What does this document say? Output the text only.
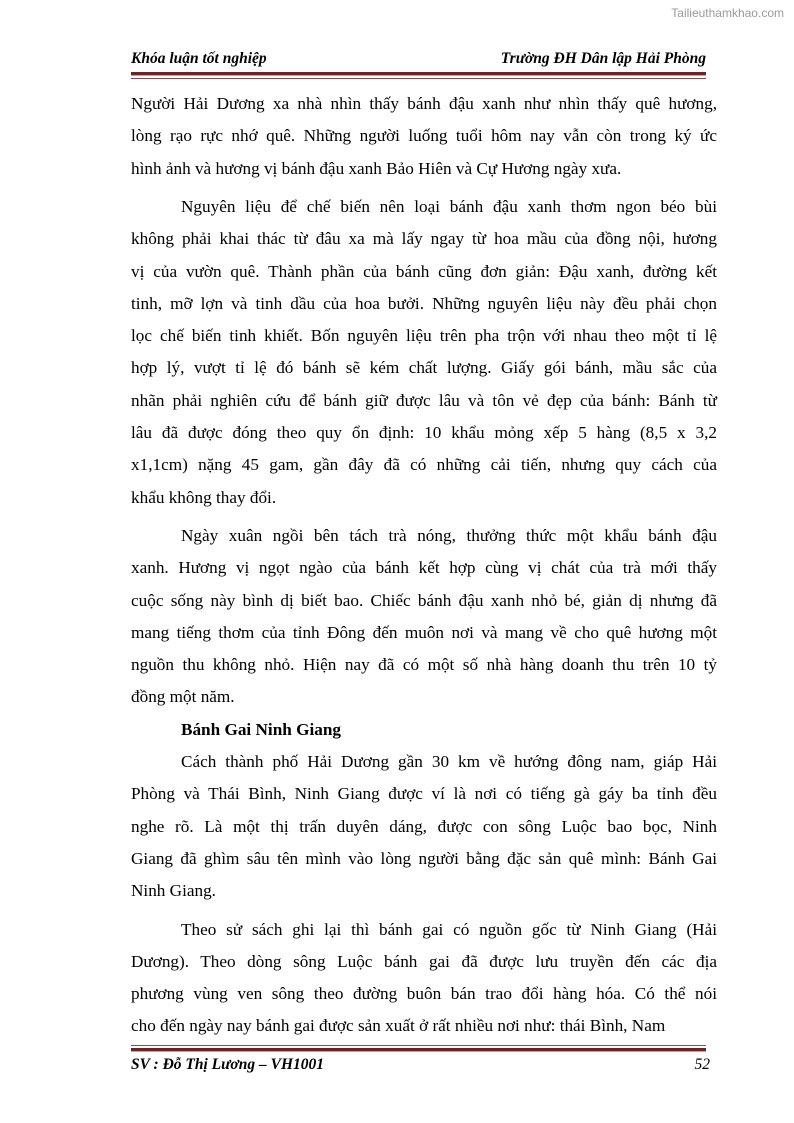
Tailieuthamkhao.com
Khóa luận tốt nghiệp	Trường ĐH Dân lập Hải Phòng
Người Hải Dương xa nhà nhìn thấy bánh đậu xanh như nhìn thấy quê hương,
lòng rạo rực nhớ quê. Những người luống tuổi hôm nay vẫn còn trong ký ức
hình ảnh và hương vị bánh đậu xanh Bảo Hiên và Cự Hương ngày xưa.
Nguyên liệu để chế biến nên loại bánh đậu xanh thơm ngon béo bùi
không phải khai thác từ đâu xa mà lấy ngay từ hoa mầu của đồng nội, hương
vị của vườn quê. Thành phần của bánh cũng đơn giản: Đậu xanh, đường kết
tinh, mỡ lợn và tinh dầu của hoa bưởi. Những nguyên liệu này đều phải chọn
lọc chế biến tinh khiết. Bốn nguyên liệu trên pha trộn với nhau theo một tỉ lệ
hợp lý, vượt tỉ lệ đó bánh sẽ kém chất lượng. Giấy gói bánh, mầu sắc của
nhãn phải nghiên cứu để bánh giữ được lâu và tôn vẻ đẹp của bánh: Bánh từ
lâu đã được đóng theo quy ổn định: 10 khẩu mỏng xếp 5 hàng (8,5 x 3,2
x1,1cm) nặng 45 gam, gần đây đã có những cải tiến, nhưng quy cách của
khẩu không thay đổi.
Ngày xuân ngồi bên tách trà nóng, thưởng thức một khẩu bánh đậu
xanh. Hương vị ngọt ngào của bánh kết hợp cùng vị chát của trà mới thấy
cuộc sống này bình dị biết bao. Chiếc bánh đậu xanh nhỏ bé, giản dị nhưng đã
mang tiếng thơm của tỉnh Đông đến muôn nơi và mang về cho quê hương một
nguồn thu không nhỏ. Hiện nay đã có một số nhà hàng doanh thu trên 10 tỷ
đồng một năm.
Bánh Gai Ninh Giang
Cách thành phố Hải Dương gần 30 km về hướng đông nam, giáp Hải
Phòng và Thái Bình, Ninh Giang được ví là nơi có tiếng gà gáy ba tỉnh đều
nghe rõ. Là một thị trấn duyên dáng, được con sông Luộc bao bọc, Ninh
Giang đã ghìm sâu tên mình vào lòng người bằng đặc sản quê mình: Bánh Gai
Ninh Giang.
Theo sử sách ghi lại thì bánh gai có nguồn gốc từ Ninh Giang (Hải
Dương). Theo dòng sông Luộc bánh gai đã được lưu truyền đến các địa
phương vùng ven sông theo đường buôn bán trao đổi hàng hóa. Có thể nói
cho đến ngày nay bánh gai được sản xuất ở rất nhiều nơi như: thái Bình, Nam
SV : Đỗ Thị Lương – VH1001	52
